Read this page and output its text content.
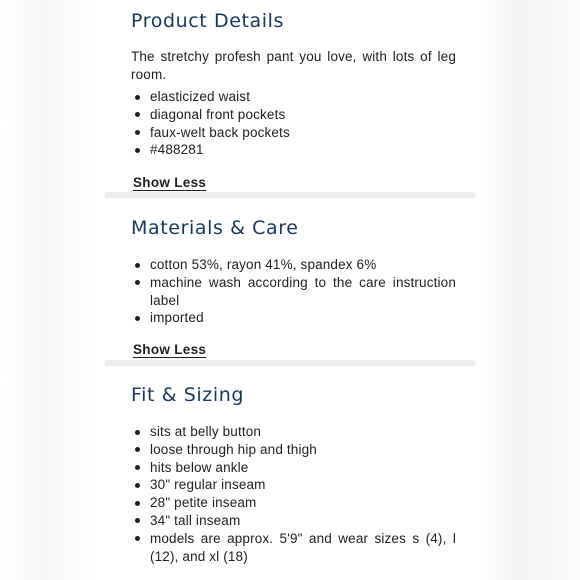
Product Details

The stretchy profesh pant you love, with lots of leg room.

elasticized waist
diagonal front pockets
faux-welt back pockets
#488281
Show Less
Materials & Care
cotton 53%, rayon 41%, spandex 6%
machine wash according to the care instruction label
imported
Show Less
Fit & Sizing
sits at belly button
loose through hip and thigh
hits below ankle
30" regular inseam
28" petite inseam
34" tall inseam
models are approx. 5'9" and wear sizes s (4), l (12), and xl (18)
